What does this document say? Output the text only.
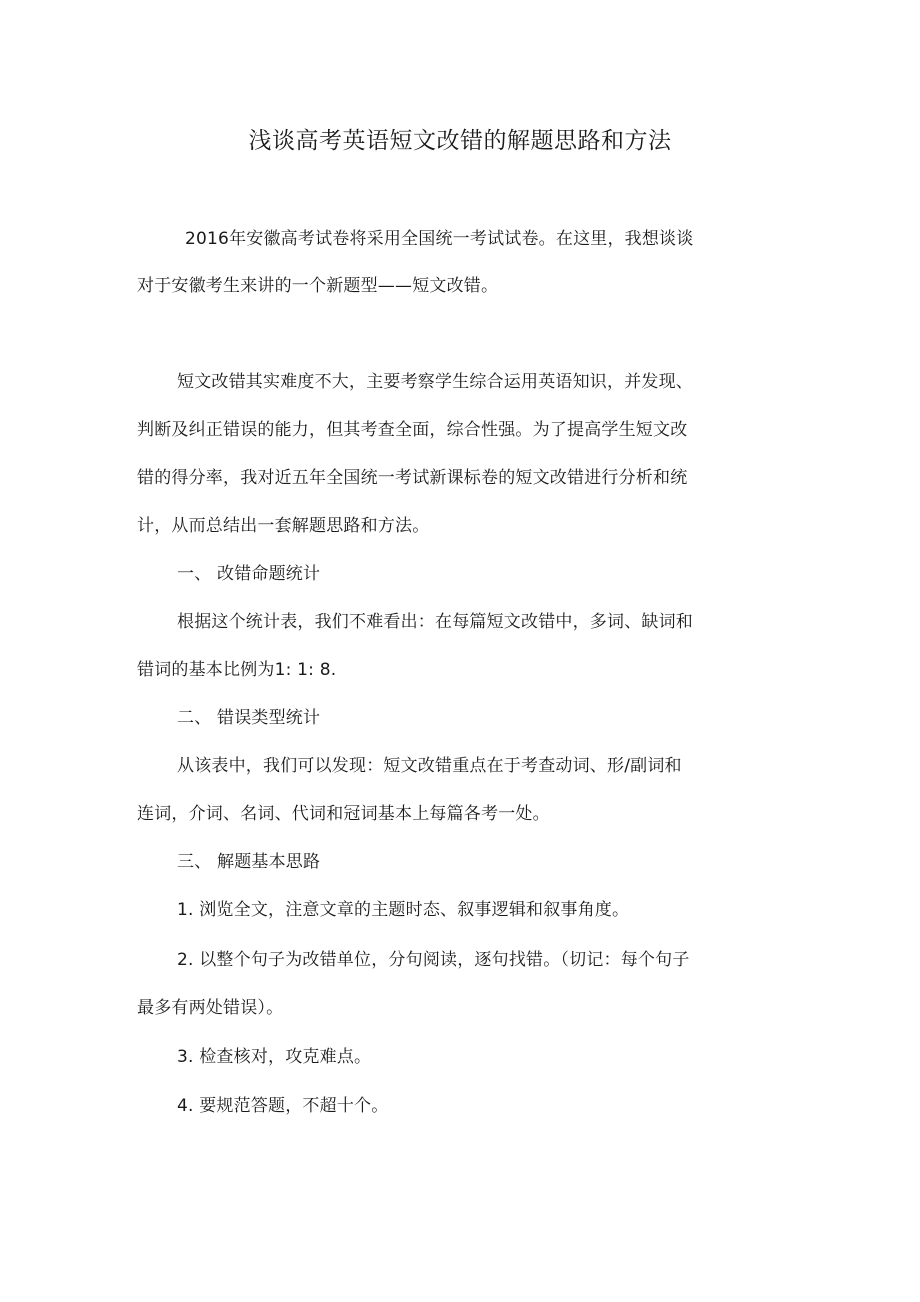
浅谈高考英语短文改错的解题思路和方法
2016年安徽高考试卷将采用全国统一考试试卷。在这里，我想谈谈
对于安徽考生来讲的一个新题型——短文改错。
短文改错其实难度不大，主要考察学生综合运用英语知识，并发现、
判断及纠正错误的能力，但其考查全面，综合性强。为了提高学生短文改
错的得分率，我对近五年全国统一考试新课标卷的短文改错进行分析和统
计，从而总结出一套解题思路和方法。
一、 改错命题统计
根据这个统计表，我们不难看出：在每篇短文改错中，多词、缺词和
错词的基本比例为1: 1: 8.
二、 错误类型统计
从该表中，我们可以发现：短文改错重点在于考查动词、形/副词和
连词，介词、名词、代词和冠词基本上每篇各考一处。
三、 解题基本思路
1. 浏览全文，注意文章的主题时态、叙事逻辑和叙事角度。
2. 以整个句子为改错单位，分句阅读，逐句找错。（切记：每个句子
最多有两处错误）。
3. 检查核对，攻克难点。
4. 要规范答题，不超十个。
